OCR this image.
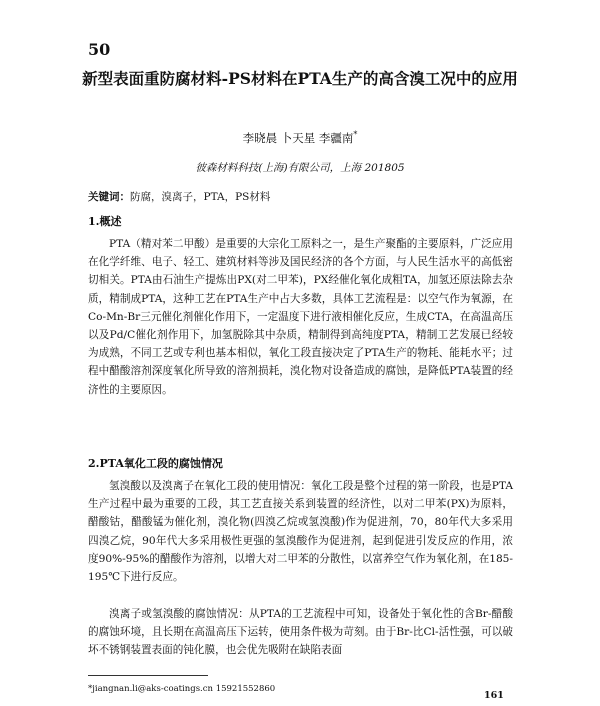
50
新型表面重防腐材料-PS材料在PTA生产的高含溴工况中的应用
李晓晨 卜天星 李疆南*
彼森材料科技(上海)有限公司，上海 201805
关键词：防腐，溴离子，PTA，PS材料
1.概述

PTA（精对苯二甲酸）是重要的大宗化工原料之一，是生产聚酯的主要原料，广泛应用在化学纤维、电子、轻工、建筑材料等涉及国民经济的各个方面，与人民生活水平的高低密切相关。PTA由石油生产提炼出PX(对二甲苯)，PX经催化氧化成粗TA，加氢还原法除去杂质，精制成PTA，这种工艺在PTA生产中占大多数，具体工艺流程是：以空气作为氧源，在Co-Mn-Br三元催化剂催化作用下，一定温度下进行液相催化反应，生成CTA，在高温高压以及Pd/C催化剂作用下，加氢脱除其中杂质，精制得到高纯度PTA，精制工艺发展已经较为成熟，不同工艺或专利也基本相似，氧化工段直接决定了PTA生产的物耗、能耗水平；过程中醋酸溶剂深度氧化所导致的溶剂损耗，溴化物对设备造成的腐蚀，是降低PTA装置的经济性的主要原因。

2.PTA氧化工段的腐蚀情况

氢溴酸以及溴离子在氧化工段的使用情况：氧化工段是整个过程的第一阶段，也是PTA生产过程中最为重要的工段，其工艺直接关系到装置的经济性，以对二甲苯(PX)为原料，醋酸钴，醋酸锰为催化剂，溴化物(四溴乙烷或氢溴酸)作为促进剂，70，80年代大多采用四溴乙烷，90年代大多采用极性更强的氢溴酸作为促进剂，起到促进引发反应的作用，浓度90%-95%的醋酸作为溶剂，以增大对二甲苯的分散性，以富养空气作为氧化剂，在185-195℃下进行反应。

溴离子或氢溴酸的腐蚀情况：从PTA的工艺流程中可知，设备处于氧化性的含Br-醋酸的腐蚀环境，且长期在高温高压下运转，使用条件极为苛刻。由于Br-比Cl-活性强，可以破坏不锈钢装置表面的钝化膜，也会优先吸附在缺陷表面

*jiangnan.li@aks-coatings.cn 15921552860
161
